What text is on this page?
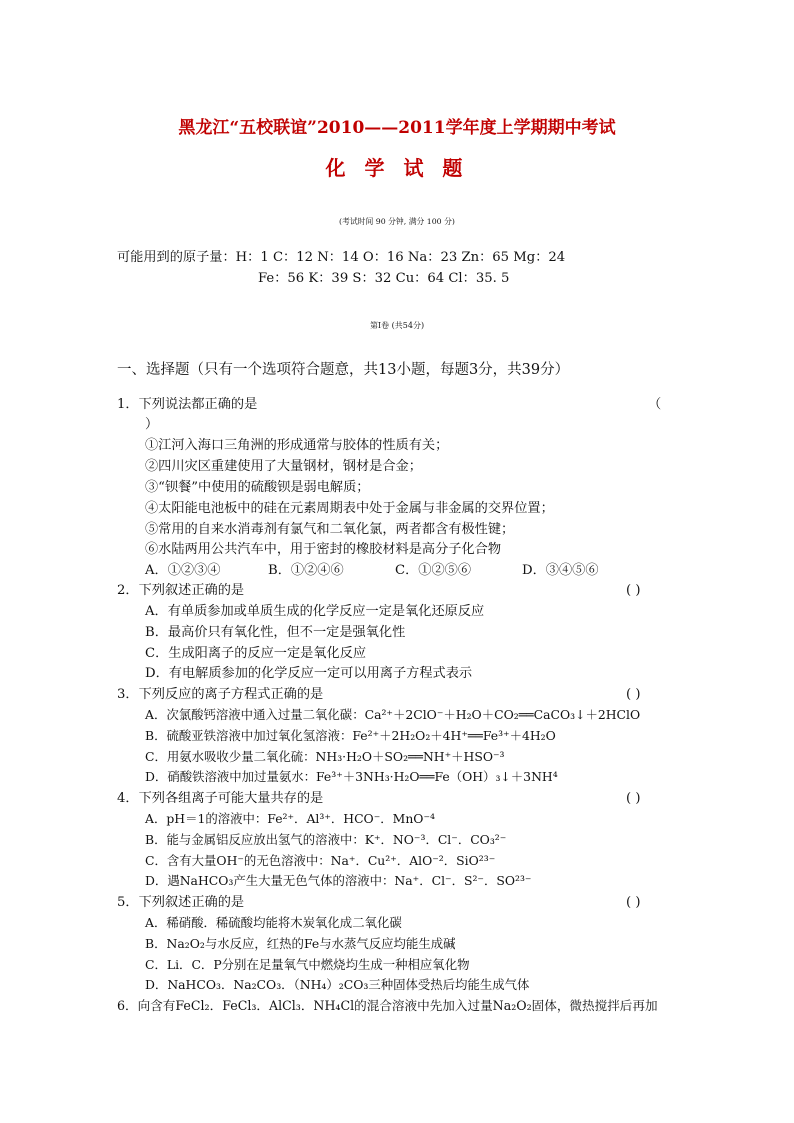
黑龙江“五校联谊”2010——2011学年度上学期期中考试
化 学 试 题
(考试时间 90 分钟, 满分 100 分)
可能用到的原子量：H：1 C：12 N：14 O：16 Na：23 Zn：65 Mg：24
Fe：56 K：39 S：32 Cu：64 Cl：35. 5
第Ⅰ卷 (共54分)
一、选择题（只有一个选项符合题意，共13小题，每题3分，共39分）
1．下列说法都正确的是	（
）
①江河入海口三角洲的形成通常与胶体的性质有关；
②四川灾区重建使用了大量钢材，钢材是合金；
③“钡餐”中使用的硫酸钡是弱电解质；
④太阳能电池板中的硅在元素周期表中处于金属与非金属的交界位置；
⑤常用的自来水消毒剂有氯气和二氧化氯，两者都含有极性键；
⑥水陆两用公共汽车中，用于密封的橡胶材料是高分子化合物
A．①②③④	B．①②④⑥	C．①②⑤⑥	D．③④⑤⑥
2．下列叙述正确的是	( )
A．有单质参加或单质生成的化学反应一定是氧化还原反应
B．最高价只有氧化性，但不一定是强氧化性
C．生成阳离子的反应一定是氧化反应
D．有电解质参加的化学反应一定可以用离子方程式表示
3．下列反应的离子方程式正确的是	( )
A．次氯酸钙溶液中通入过量二氧化碳：Ca²⁺＋2ClO⁻＋H₂O＋CO₂══CaCO₃↓＋2HClO
B．硫酸亚铁溶液中加过氧化氢溶液：Fe²⁺＋2H₂O₂＋4H⁺══Fe³⁺＋4H₂O
C．用氨水吸收少量二氧化硫：NH₃·H₂O＋SO₂══NH⁺＋HSO⁻³
D．硝酸铁溶液中加过量氨水：Fe³⁺＋3NH₃·H₂O══Fe（OH）₃↓＋3NH⁴
4．下列各组离子可能大量共存的是	( )
A．pH＝1的溶液中：Fe²⁺．Al³⁺．HCO⁻．MnO⁻⁴
B．能与金属铝反应放出氢气的溶液中：K⁺．NO⁻³．Cl⁻．CO₃²⁻
C．含有大量OH⁻的无色溶液中：Na⁺．Cu²⁺．AlO⁻²．SiO²³⁻
D．遇NaHCO₃产生大量无色气体的溶液中：Na⁺．Cl⁻．S²⁻．SO²³⁻
5．下列叙述正确的是	( )
A．稀硝酸．稀硫酸均能将木炭氧化成二氧化碳
B．Na₂O₂与水反应，红热的Fe与水蒸气反应均能生成碱
C．Li．C．P分别在足量氧气中燃烧均生成一种相应氧化物
D．NaHCO₃．Na₂CO₃．（NH₄）₂CO₃三种固体受热后均能生成气体
6．向含有FeCl₂．FeCl₃．AlCl₃．NH₄Cl的混合溶液中先加入过量Na₂O₂固体，微热搅拌后再加
